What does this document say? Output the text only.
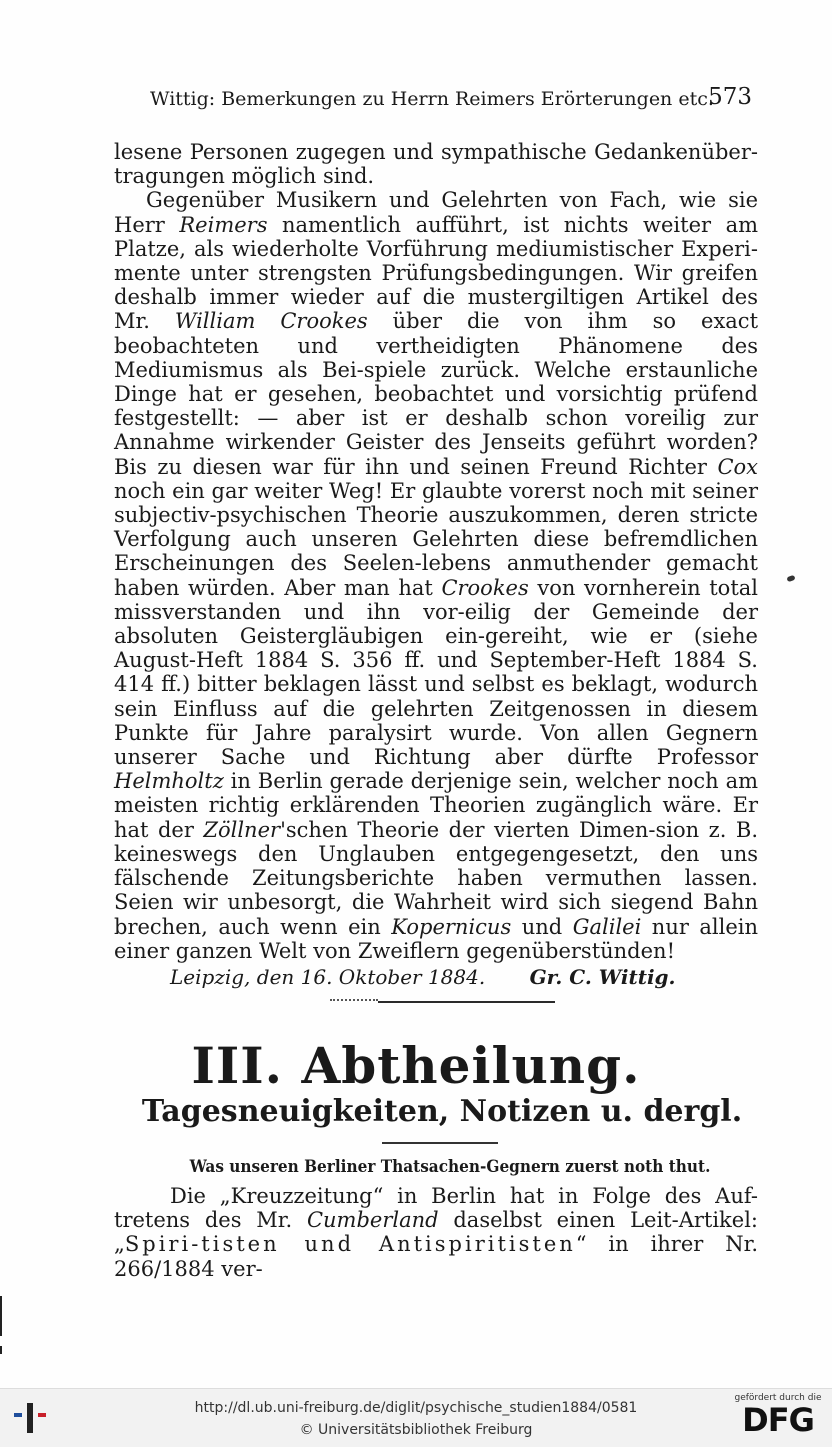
Wittig: Bemerkungen zu Herrn Reimers Erörterungen etc.
573

lesene Personen zugegen und sympathische Gedankenüber-tragungen möglich sind.

Gegenüber Musikern und Gelehrten von Fach, wie sie Herr Reimers namentlich aufführt, ist nichts weiter am Platze, als wiederholte Vorführung mediumistischer Experi-mente unter strengsten Prüfungsbedingungen. Wir greifen deshalb immer wieder auf die mustergiltigen Artikel des Mr. William Crookes über die von ihm so exact beobachteten und vertheidigten Phänomene des Mediumismus als Bei-spiele zurück. Welche erstaunliche Dinge hat er gesehen, beobachtet und vorsichtig prüfend festgestellt: — aber ist er deshalb schon voreilig zur Annahme wirkender Geister des Jenseits geführt worden? Bis zu diesen war für ihn und seinen Freund Richter Cox noch ein gar weiter Weg! Er glaubte vorerst noch mit seiner subjectiv-psychischen Theorie auszukommen, deren stricte Verfolgung auch unseren Gelehrten diese befremdlichen Erscheinungen des Seelen-lebens anmuthender gemacht haben würden. Aber man hat Crookes von vornherein total missverstanden und ihn vor-eilig der Gemeinde der absoluten Geistergläubigen ein-gereiht, wie er (siehe August-Heft 1884 S. 356 ff. und September-Heft 1884 S. 414 ff.) bitter beklagen lässt und selbst es beklagt, wodurch sein Einfluss auf die gelehrten Zeitgenossen in diesem Punkte für Jahre paralysirt wurde. Von allen Gegnern unserer Sache und Richtung aber dürfte Professor Helmholtz in Berlin gerade derjenige sein, welcher noch am meisten richtig erklärenden Theorien zugänglich wäre. Er hat der Zöllner'schen Theorie der vierten Dimen-sion z. B. keineswegs den Unglauben entgegengesetzt, den uns fälschende Zeitungsberichte haben vermuthen lassen. Seien wir unbesorgt, die Wahrheit wird sich siegend Bahn brechen, auch wenn ein Kopernicus und Galilei nur allein einer ganzen Welt von Zweiflern gegenüberstünden!

Leipzig, den 16. Oktober 1884. Gr. C. Wittig.
III. Abtheilung.
Tagesneuigkeiten, Notizen u. dergl.
Was unseren Berliner Thatsachen-Gegnern zuerst noth thut.

Die „Kreuzzeitung“ in Berlin hat in Folge des Auf-tretens des Mr. Cumberland daselbst einen Leit-Artikel: „Spiri-tisten und Antispiritisten“ in ihrer Nr. 266/1884 ver-

http://dl.ub.uni-freiburg.de/diglit/psychische_studien1884/0581
© Universitätsbibliothek Freiburg
gefördert durch die
DFG
